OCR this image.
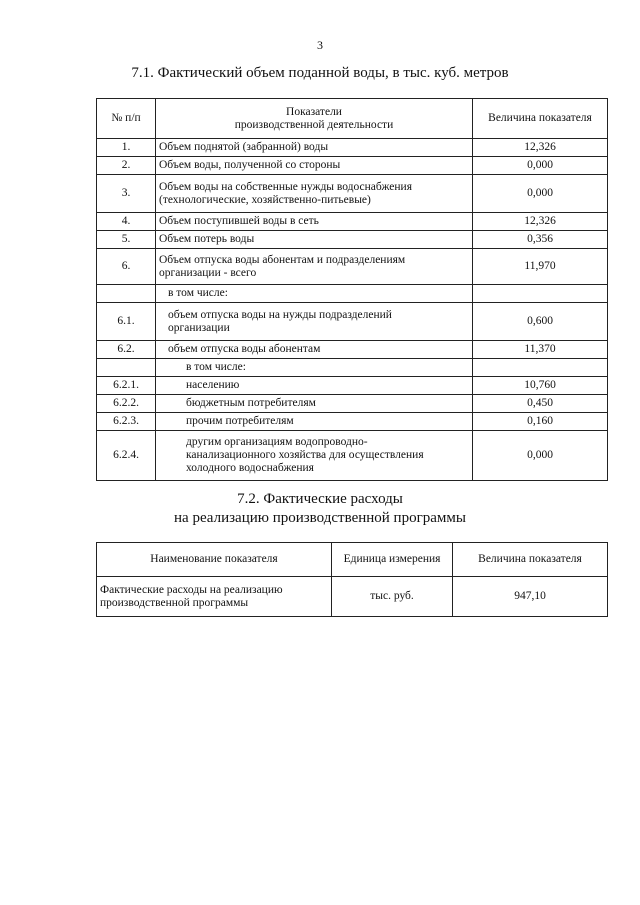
3
7.1. Фактический объем поданной воды, в тыс. куб. метров
№ п/п	Показатели
производственной деятельности	Величина показателя
1.	Объем поднятой (забранной) воды	12,326
2.	Объем воды, полученной со стороны	0,000
3.	Объем воды на собственные нужды водоснабжения
(технологические, хозяйственно-питьевые)	0,000
4.	Объем поступившей воды в сеть	12,326
5.	Объем потерь воды	0,356
6.	Объем отпуска воды абонентам и подразделениям
организации - всего	11,970
	в том числе:	
6.1.	объем отпуска воды на нужды подразделений
организации	0,600
6.2.	объем отпуска воды абонентам	11,370
	в том числе:	
6.2.1.	населению	10,760
6.2.2.	бюджетным потребителям	0,450
6.2.3.	прочим потребителям	0,160
6.2.4.	другим организациям водопроводно-
канализационного хозяйства для осуществления
холодного водоснабжения	0,000
7.2. Фактические расходы
на реализацию производственной программы
Наименование показателя	Единица измерения	Величина показателя
Фактические расходы на реализацию
производственной программы	тыс. руб.	947,10
